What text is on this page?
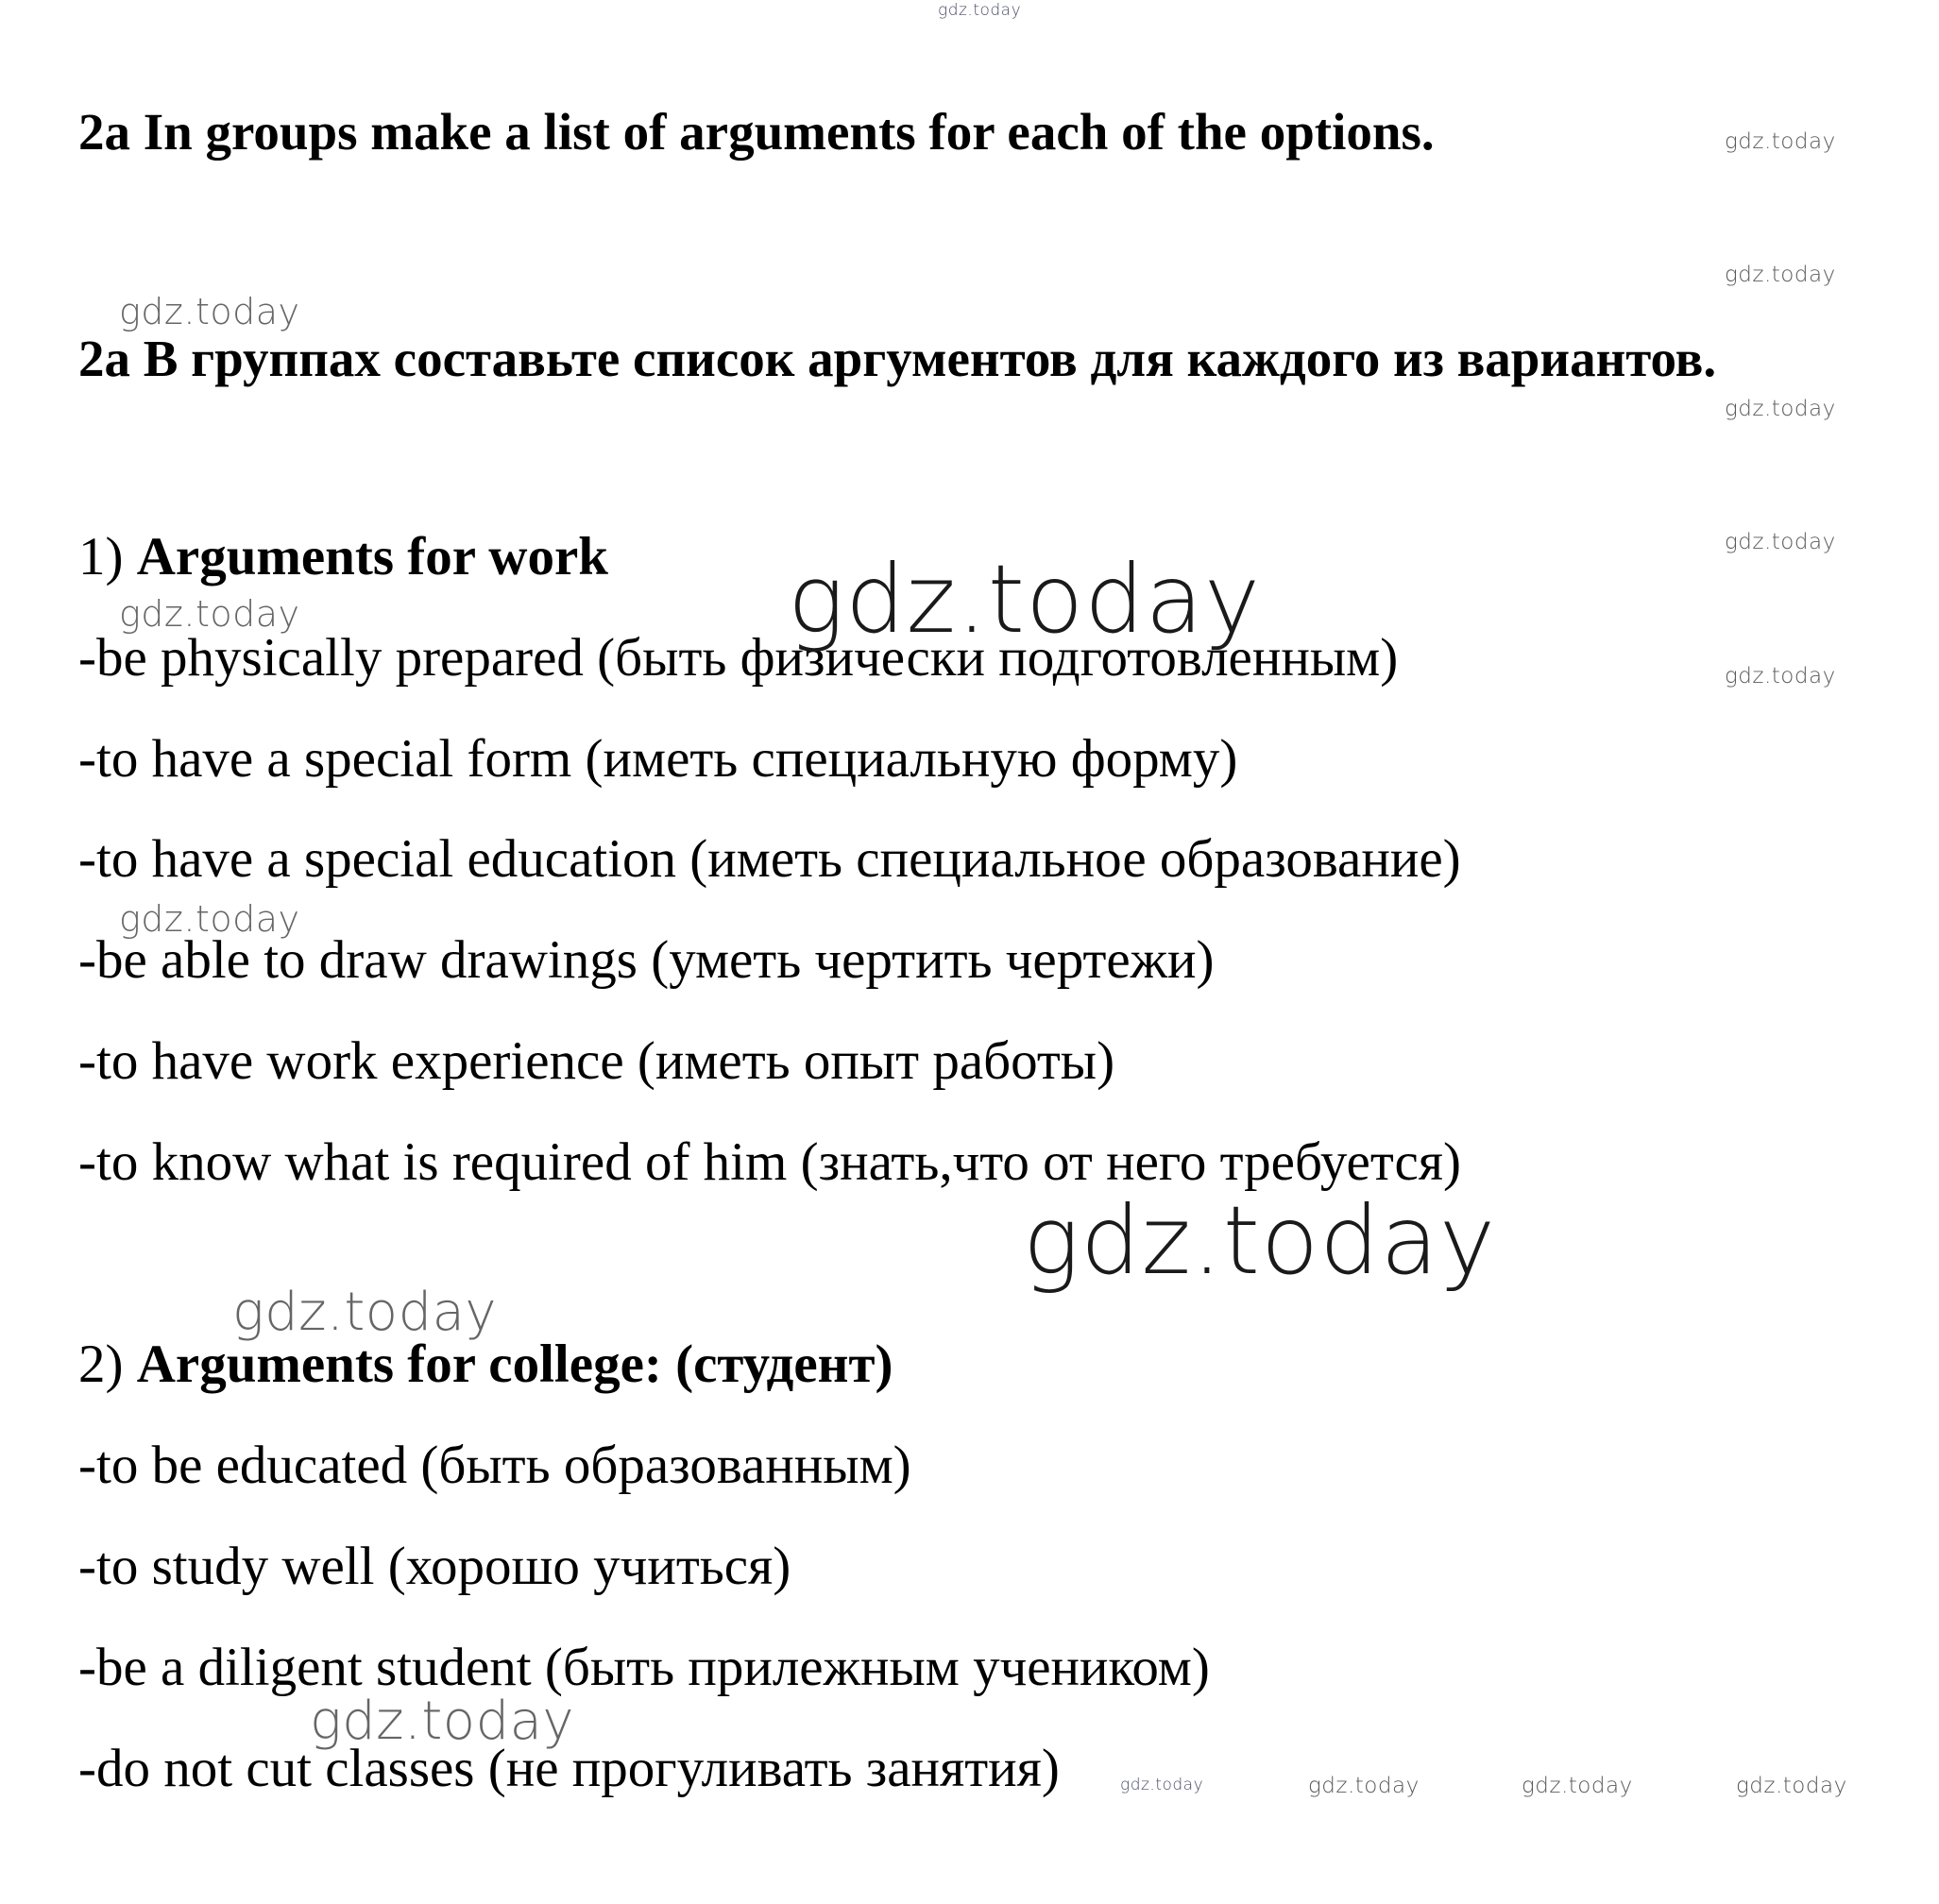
2a In groups make a list of arguments for each of the options.

2a В группах составьте список аргументов для каждого из вариантов.

1) Arguments for work

-be physically prepared (быть физически подготовленным)

-to have a special form (иметь специальную форму)

-to have a special education (иметь специальное образование)

-be able to draw drawings (уметь чертить чертежи)

-to have work experience (иметь опыт работы)

-to know what is required of him (знать,что от него требуется)

2) Arguments for college: (студент)

-to be educated (быть образованным)

-to study well (хорошо учиться)

-be a diligent student (быть прилежным учеником)

-do not cut classes (не прогуливать занятия)

gdz.today
gdz.today
gdz.today
gdz.today
gdz.today
gdz.today
gdz.today
gdz.today
gdz.today
gdz.today
gdz.today
gdz.today
gdz.today
gdz.today	gdz.today	gdz.today	gdz.today
